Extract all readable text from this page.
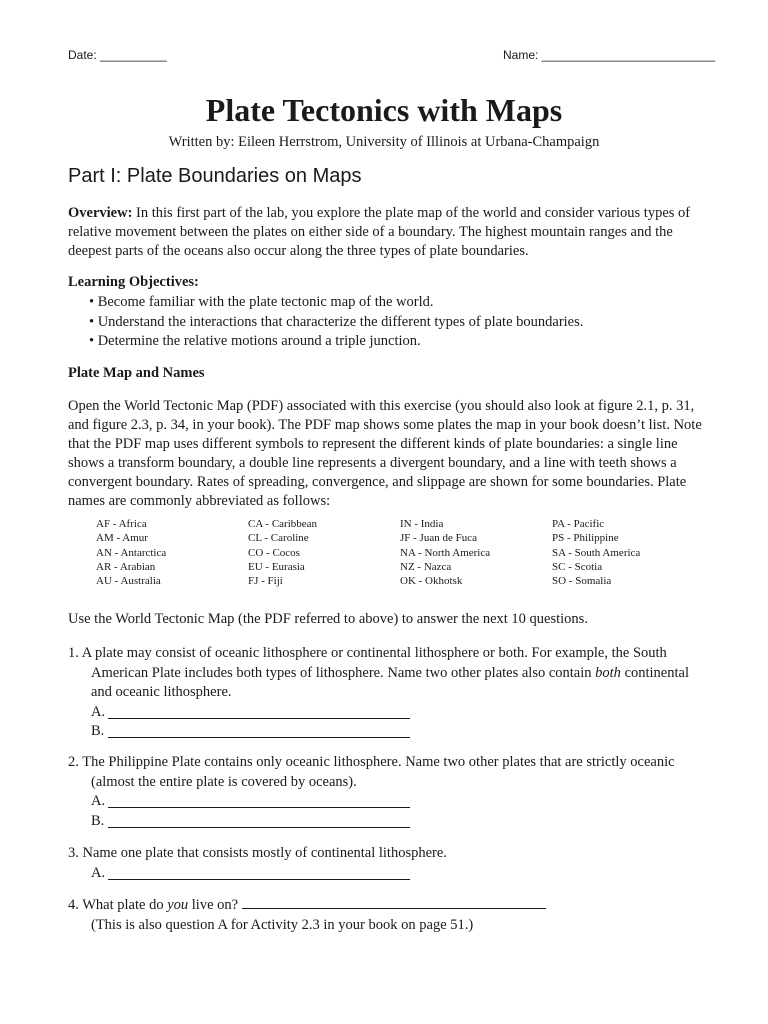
Date: __________	Name: __________________________
Plate Tectonics with Maps
Written by: Eileen Herrstrom, University of Illinois at Urbana-Champaign
Part I: Plate Boundaries on Maps
Overview: In this first part of the lab, you explore the plate map of the world and consider various types of relative movement between the plates on either side of a boundary. The highest mountain ranges and the deepest parts of the oceans also occur along the three types of plate boundaries.
Learning Objectives:
• Become familiar with the plate tectonic map of the world.
• Understand the interactions that characterize the different types of plate boundaries.
• Determine the relative motions around a triple junction.
Plate Map and Names
Open the World Tectonic Map (PDF) associated with this exercise (you should also look at figure 2.1, p. 31, and figure 2.3, p. 34, in your book). The PDF map shows some plates the map in your book doesn’t list. Note that the PDF map uses different symbols to represent the different kinds of plate boundaries: a single line shows a transform boundary, a double line represents a divergent boundary, and a line with teeth shows a convergent boundary. Rates of spreading, convergence, and slippage are shown for some boundaries. Plate names are commonly abbreviated as follows:
AF - Africa	CA - Caribbean	IN - India	PA - Pacific
AM - Amur	CL - Caroline	JF - Juan de Fuca	PS - Philippine
AN - Antarctica	CO - Cocos	NA - North America	SA - South America
AR - Arabian	EU - Eurasia	NZ - Nazca	SC - Scotia
AU - Australia	FJ - Fiji	OK - Okhotsk	SO - Somalia
Use the World Tectonic Map (the PDF referred to above) to answer the next 10 questions.
1. A plate may consist of oceanic lithosphere or continental lithosphere or both. For example, the South
American Plate includes both types of lithosphere. Name two other plates also contain both continental and oceanic lithosphere.
A.
B.
2. The Philippine Plate contains only oceanic lithosphere. Name two other plates that are strictly oceanic
(almost the entire plate is covered by oceans).
A.
B.
3. Name one plate that consists mostly of continental lithosphere.
A.
4. What plate do you live on?
(This is also question A for Activity 2.3 in your book on page 51.)
